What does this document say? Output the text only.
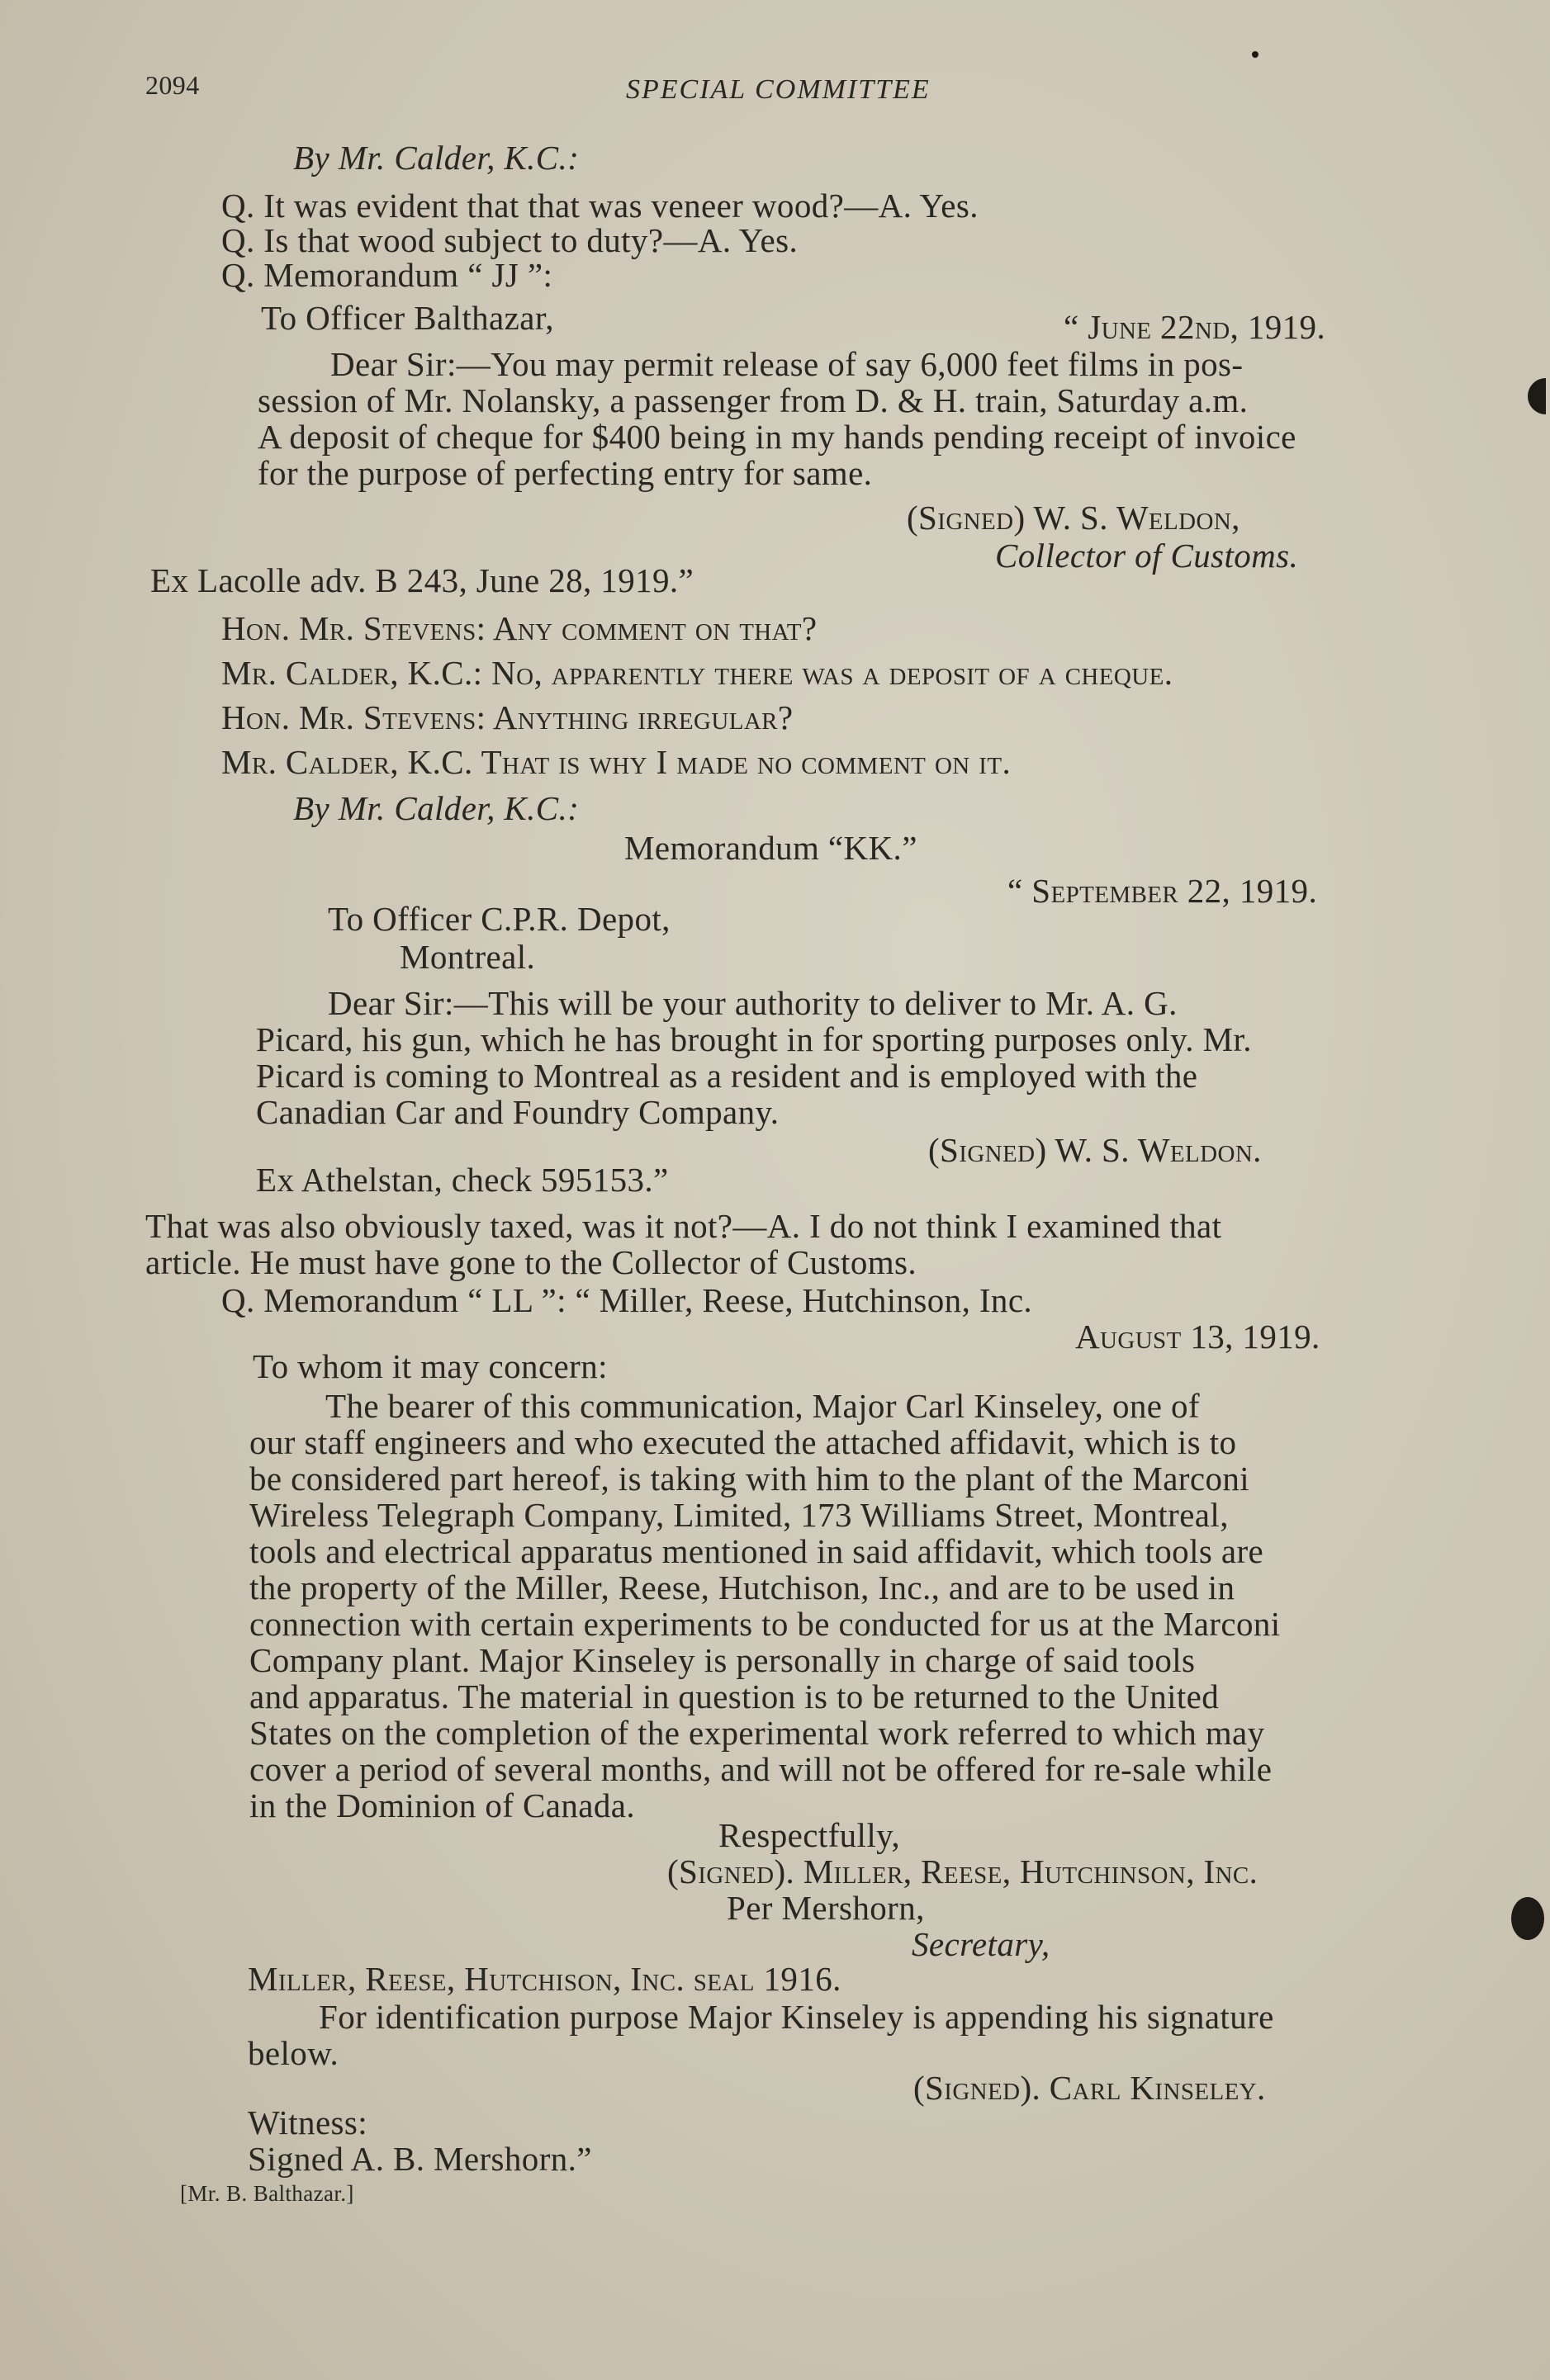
2094	SPECIAL COMMITTEE
By Mr. Calder, K.C.:
Q. It was evident that that was veneer wood?—A. Yes.
Q. Is that wood subject to duty?—A. Yes.
Q. Memorandum “ JJ ”:
To Officer Balthazar,	“ June 22nd, 1919.
Dear Sir:—You may permit release of say 6,000 feet films in pos-
session of Mr. Nolansky, a passenger from D. & H. train, Saturday a.m.
A deposit of cheque for $400 being in my hands pending receipt of invoice
for the purpose of perfecting entry for same.
(Signed) W. S. Weldon,
Collector of Customs.
Ex Lacolle adv. B 243, June 28, 1919.”
Hon. Mr. Stevens: Any comment on that?
Mr. Calder, K.C.: No, apparently there was a deposit of a cheque.
Hon. Mr. Stevens: Anything irregular?
Mr. Calder, K.C. That is why I made no comment on it.
By Mr. Calder, K.C.:
Memorandum “KK.”
“ September 22, 1919.
To Officer C.P.R. Depot,
Montreal.
Dear Sir:—This will be your authority to deliver to Mr. A. G.
Picard, his gun, which he has brought in for sporting purposes only. Mr.
Picard is coming to Montreal as a resident and is employed with the
Canadian Car and Foundry Company.
(Signed) W. S. Weldon.
Ex Athelstan, check 595153.”
That was also obviously taxed, was it not?—A. I do not think I examined that
article. He must have gone to the Collector of Customs.
Q. Memorandum “ LL ”: “ Miller, Reese, Hutchinson, Inc.
August 13, 1919.
To whom it may concern:
The bearer of this communication, Major Carl Kinseley, one of
our staff engineers and who executed the attached affidavit, which is to
be considered part hereof, is taking with him to the plant of the Marconi
Wireless Telegraph Company, Limited, 173 Williams Street, Montreal,
tools and electrical apparatus mentioned in said affidavit, which tools are
the property of the Miller, Reese, Hutchison, Inc., and are to be used in
connection with certain experiments to be conducted for us at the Marconi
Company plant. Major Kinseley is personally in charge of said tools
and apparatus. The material in question is to be returned to the United
States on the completion of the experimental work referred to which may
cover a period of several months, and will not be offered for re-sale while
in the Dominion of Canada.
Respectfully,
(Signed). Miller, Reese, Hutchinson, Inc.
Per Mershorn,
Secretary,
Miller, Reese, Hutchison, Inc. seal 1916.
For identification purpose Major Kinseley is appending his signature
below.
(Signed). Carl Kinseley.
Witness:
Signed A. B. Mershorn.”
[Mr. B. Balthazar.]
